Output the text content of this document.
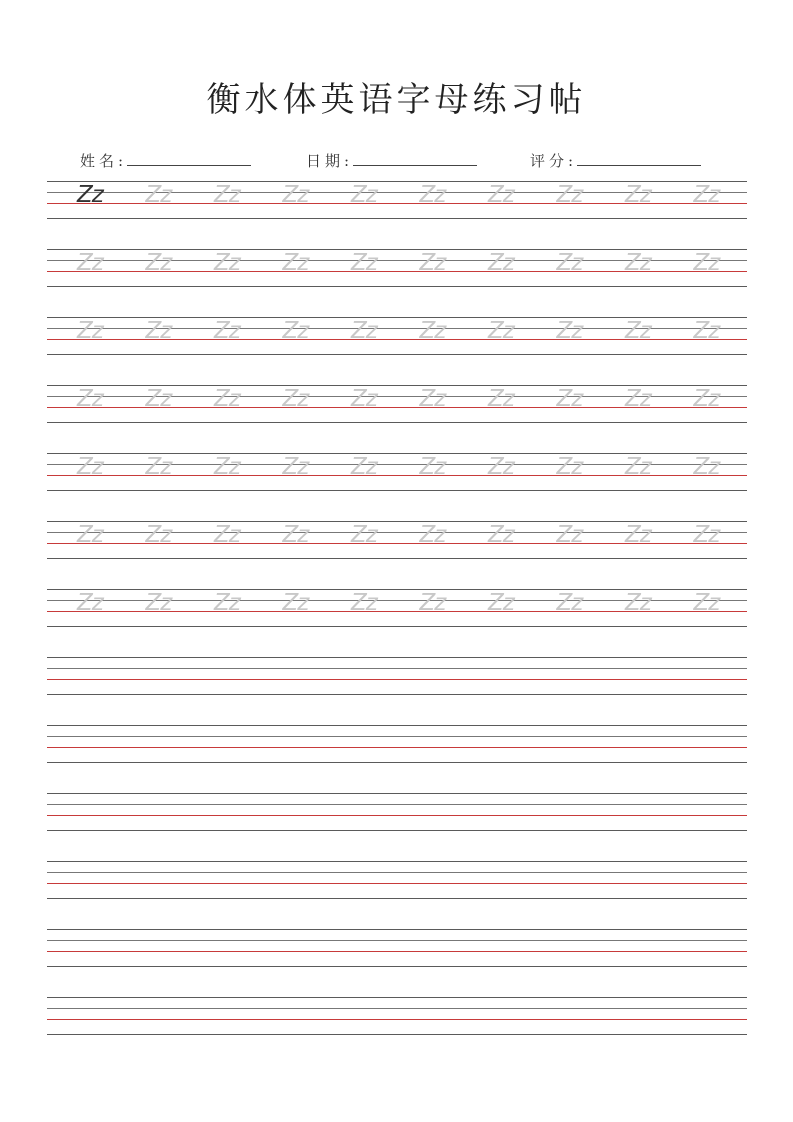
衡水体英语字母练习帖
姓名:	日期:	评分:
Zz	Zz	Zz	Zz	Zz	Zz	Zz	Zz	Zz	Zz
Zz	Zz	Zz	Zz	Zz	Zz	Zz	Zz	Zz	Zz
Zz	Zz	Zz	Zz	Zz	Zz	Zz	Zz	Zz	Zz
Zz	Zz	Zz	Zz	Zz	Zz	Zz	Zz	Zz	Zz
Zz	Zz	Zz	Zz	Zz	Zz	Zz	Zz	Zz	Zz
Zz	Zz	Zz	Zz	Zz	Zz	Zz	Zz	Zz	Zz
Zz	Zz	Zz	Zz	Zz	Zz	Zz	Zz	Zz	Zz
